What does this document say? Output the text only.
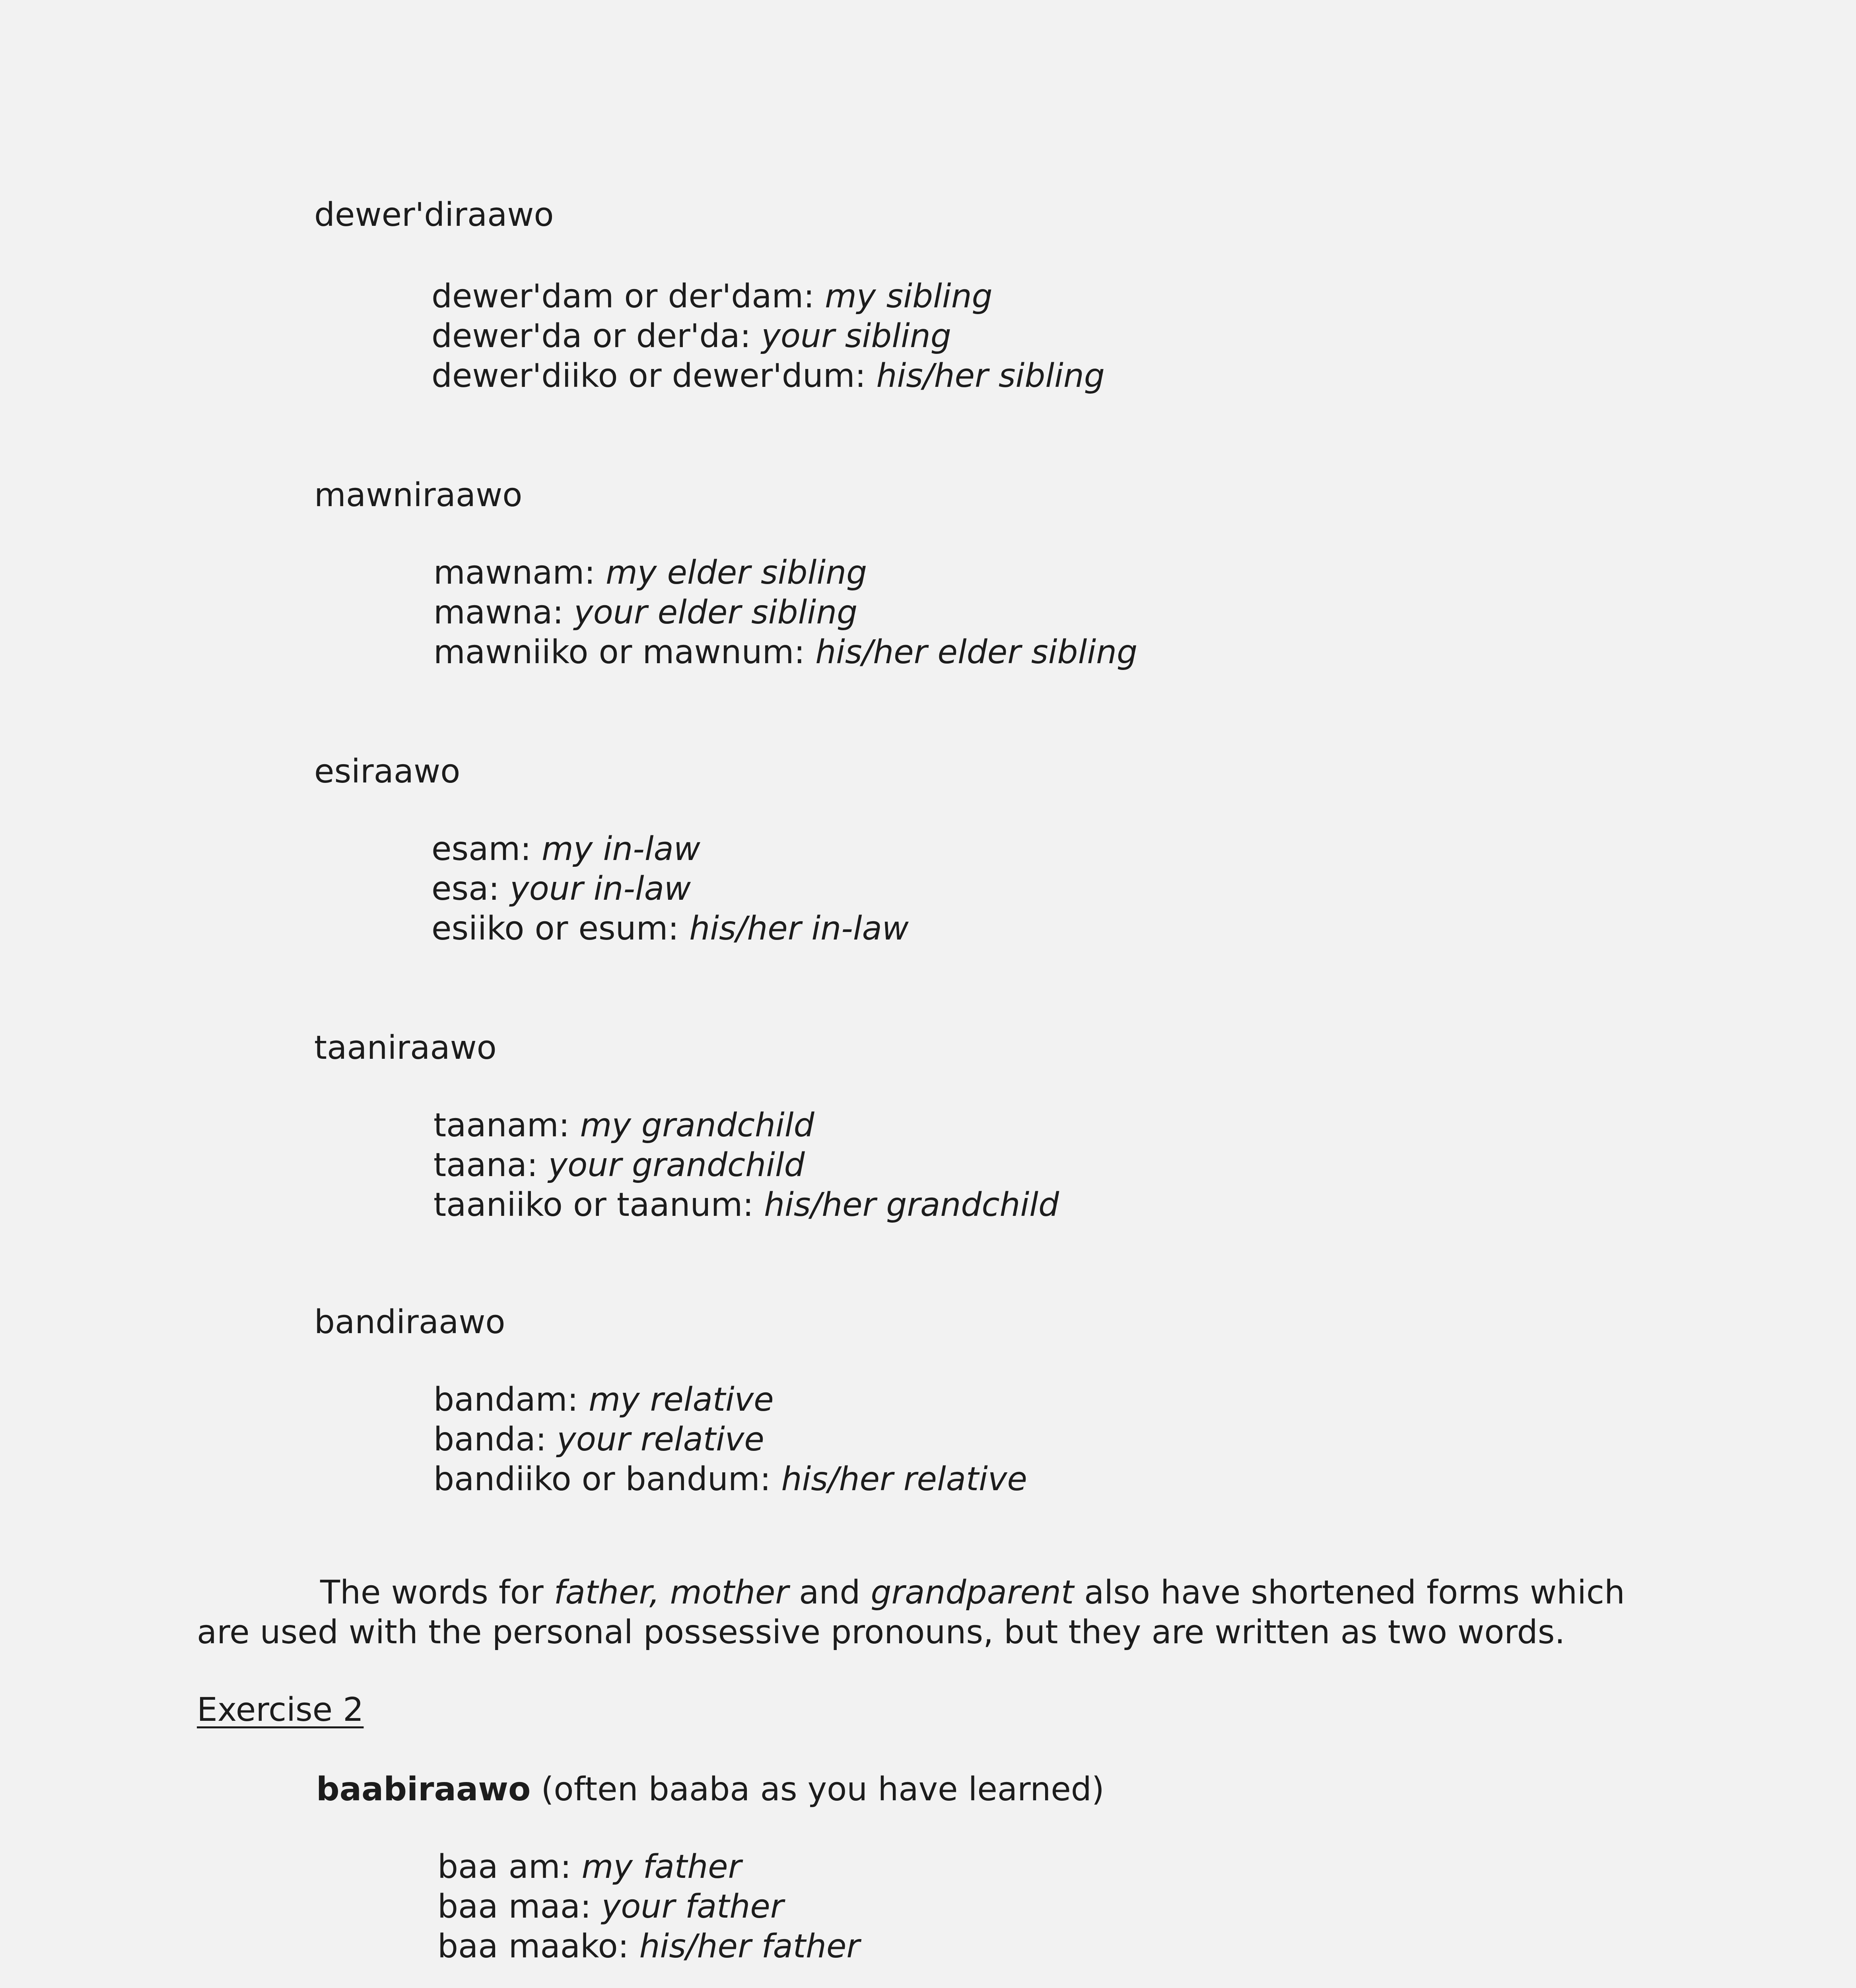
dewer'diraawo
dewer'dam or der'dam: my sibling
dewer'da or der'da: your sibling
dewer'diiko or dewer'dum: his/her sibling
mawniraawo
mawnam: my elder sibling
mawna: your elder sibling
mawniiko or mawnum: his/her elder sibling
esiraawo
esam: my in-law
esa: your in-law
esiiko or esum: his/her in-law
taaniraawo
taanam: my grandchild
taana: your grandchild
taaniiko or taanum: his/her grandchild
bandiraawo
bandam: my relative
banda: your relative
bandiiko or bandum: his/her relative
The words for father, mother and grandparent also have shortened forms which
are used with the personal possessive pronouns, but they are written as two words.
Exercise 2
baabiraawo (often baaba as you have learned)
baa am: my father
baa maa: your father
baa maako: his/her father
